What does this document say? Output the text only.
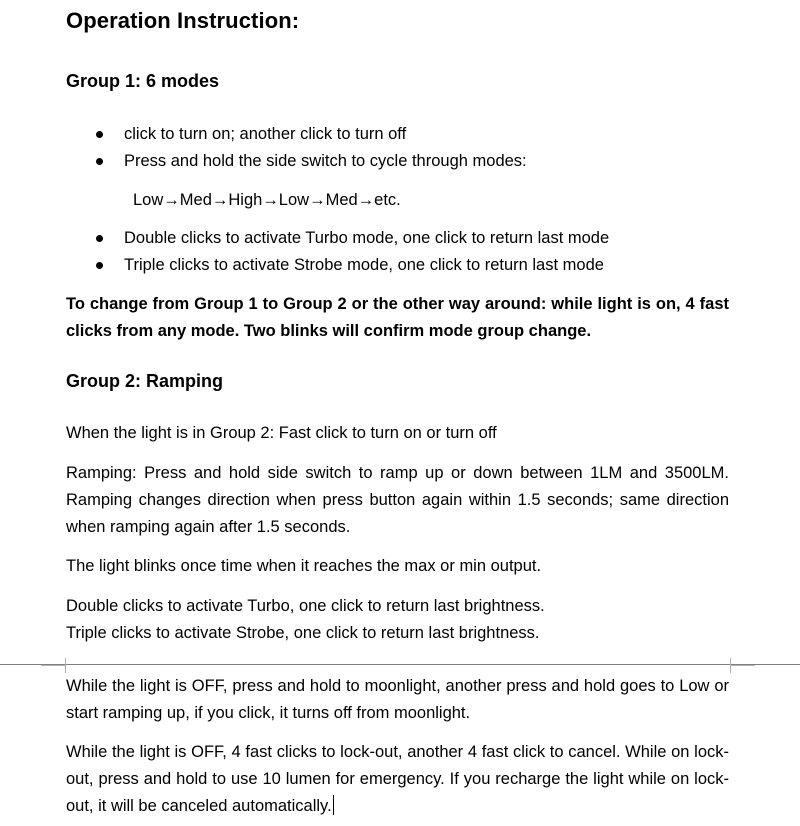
Operation Instruction:
Group 1: 6 modes
click to turn on; another click to turn off
Press and hold the side switch to cycle through modes:
Low→Med→High→Low→Med→etc.
Double clicks to activate Turbo mode, one click to return last mode
Triple clicks to activate Strobe mode, one click to return last mode

To change from Group 1 to Group 2 or the other way around: while light is on, 4 fast clicks from any mode. Two blinks will confirm mode group change.

Group 2: Ramping

When the light is in Group 2: Fast click to turn on or turn off

Ramping: Press and hold side switch to ramp up or down between 1LM and 3500LM. Ramping changes direction when press button again within 1.5 seconds; same direction when ramping again after 1.5 seconds.

The light blinks once time when it reaches the max or min output.

Double clicks to activate Turbo, one click to return last brightness.

Triple clicks to activate Strobe, one click to return last brightness.

While the light is OFF, press and hold to moonlight, another press and hold goes to Low or start ramping up, if you click, it turns off from moonlight.

While the light is OFF, 4 fast clicks to lock-out, another 4 fast click to cancel. While on lock-out, press and hold to use 10 lumen for emergency. If you recharge the light while on lock-out, it will be canceled automatically.
